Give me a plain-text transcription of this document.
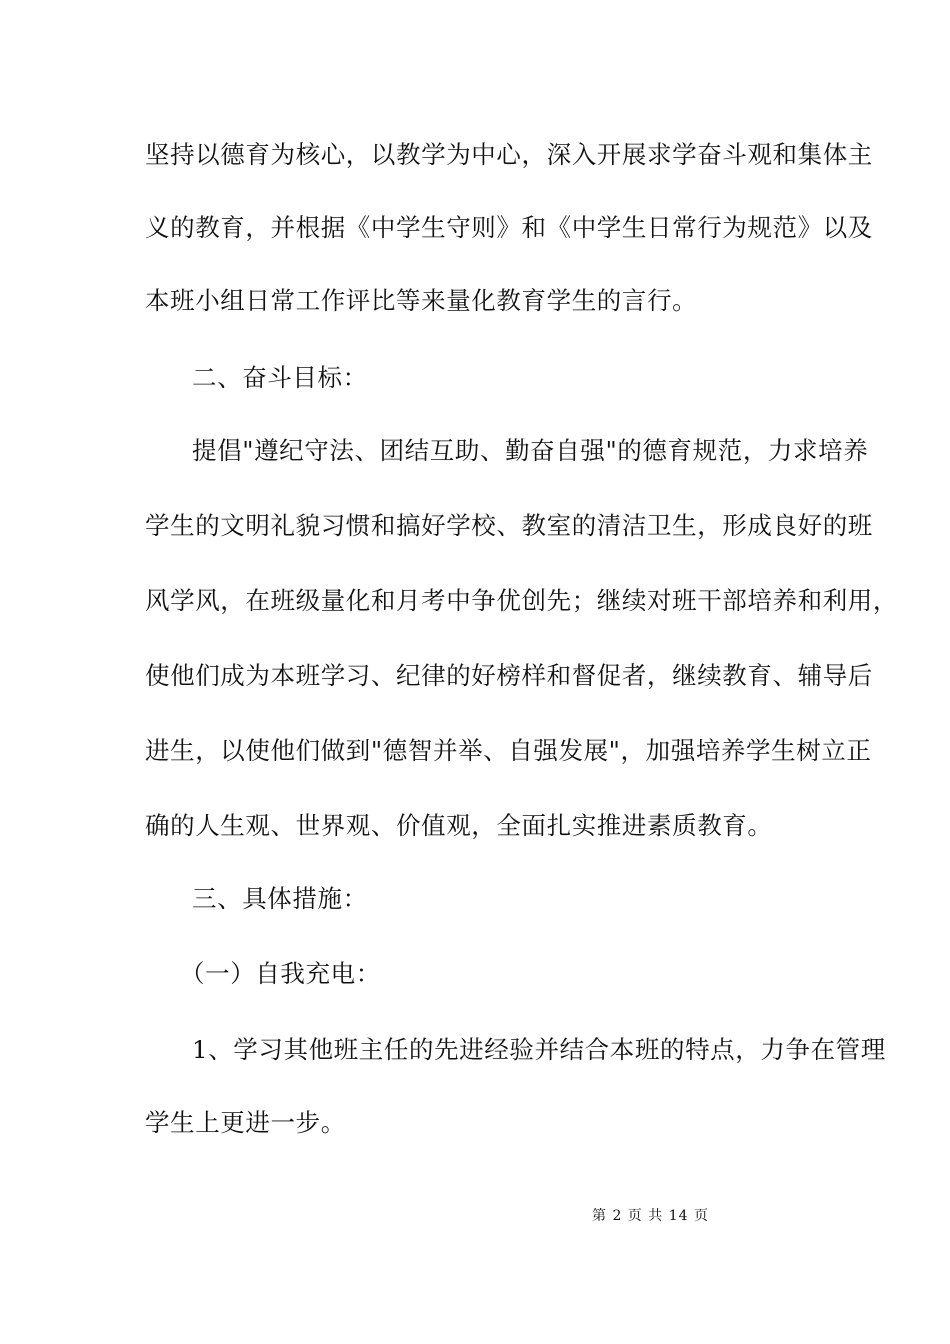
坚持以德育为核心，以教学为中心，深入开展求学奋斗观和集体主
义的教育，并根据《中学生守则》和《中学生日常行为规范》以及
本班小组日常工作评比等来量化教育学生的言行。
二、奋斗目标：
提倡"遵纪守法、团结互助、勤奋自强"的德育规范，力求培养
学生的文明礼貌习惯和搞好学校、教室的清洁卫生，形成良好的班
风学风，在班级量化和月考中争优创先；继续对班干部培养和利用，
使他们成为本班学习、纪律的好榜样和督促者，继续教育、辅导后
进生，以使他们做到"德智并举、自强发展"，加强培养学生树立正
确的人生观、世界观、价值观，全面扎实推进素质教育。
三、具体措施：
（一）自我充电：
1、学习其他班主任的先进经验并结合本班的特点，力争在管理
学生上更进一步。
第 2 页 共 14 页
